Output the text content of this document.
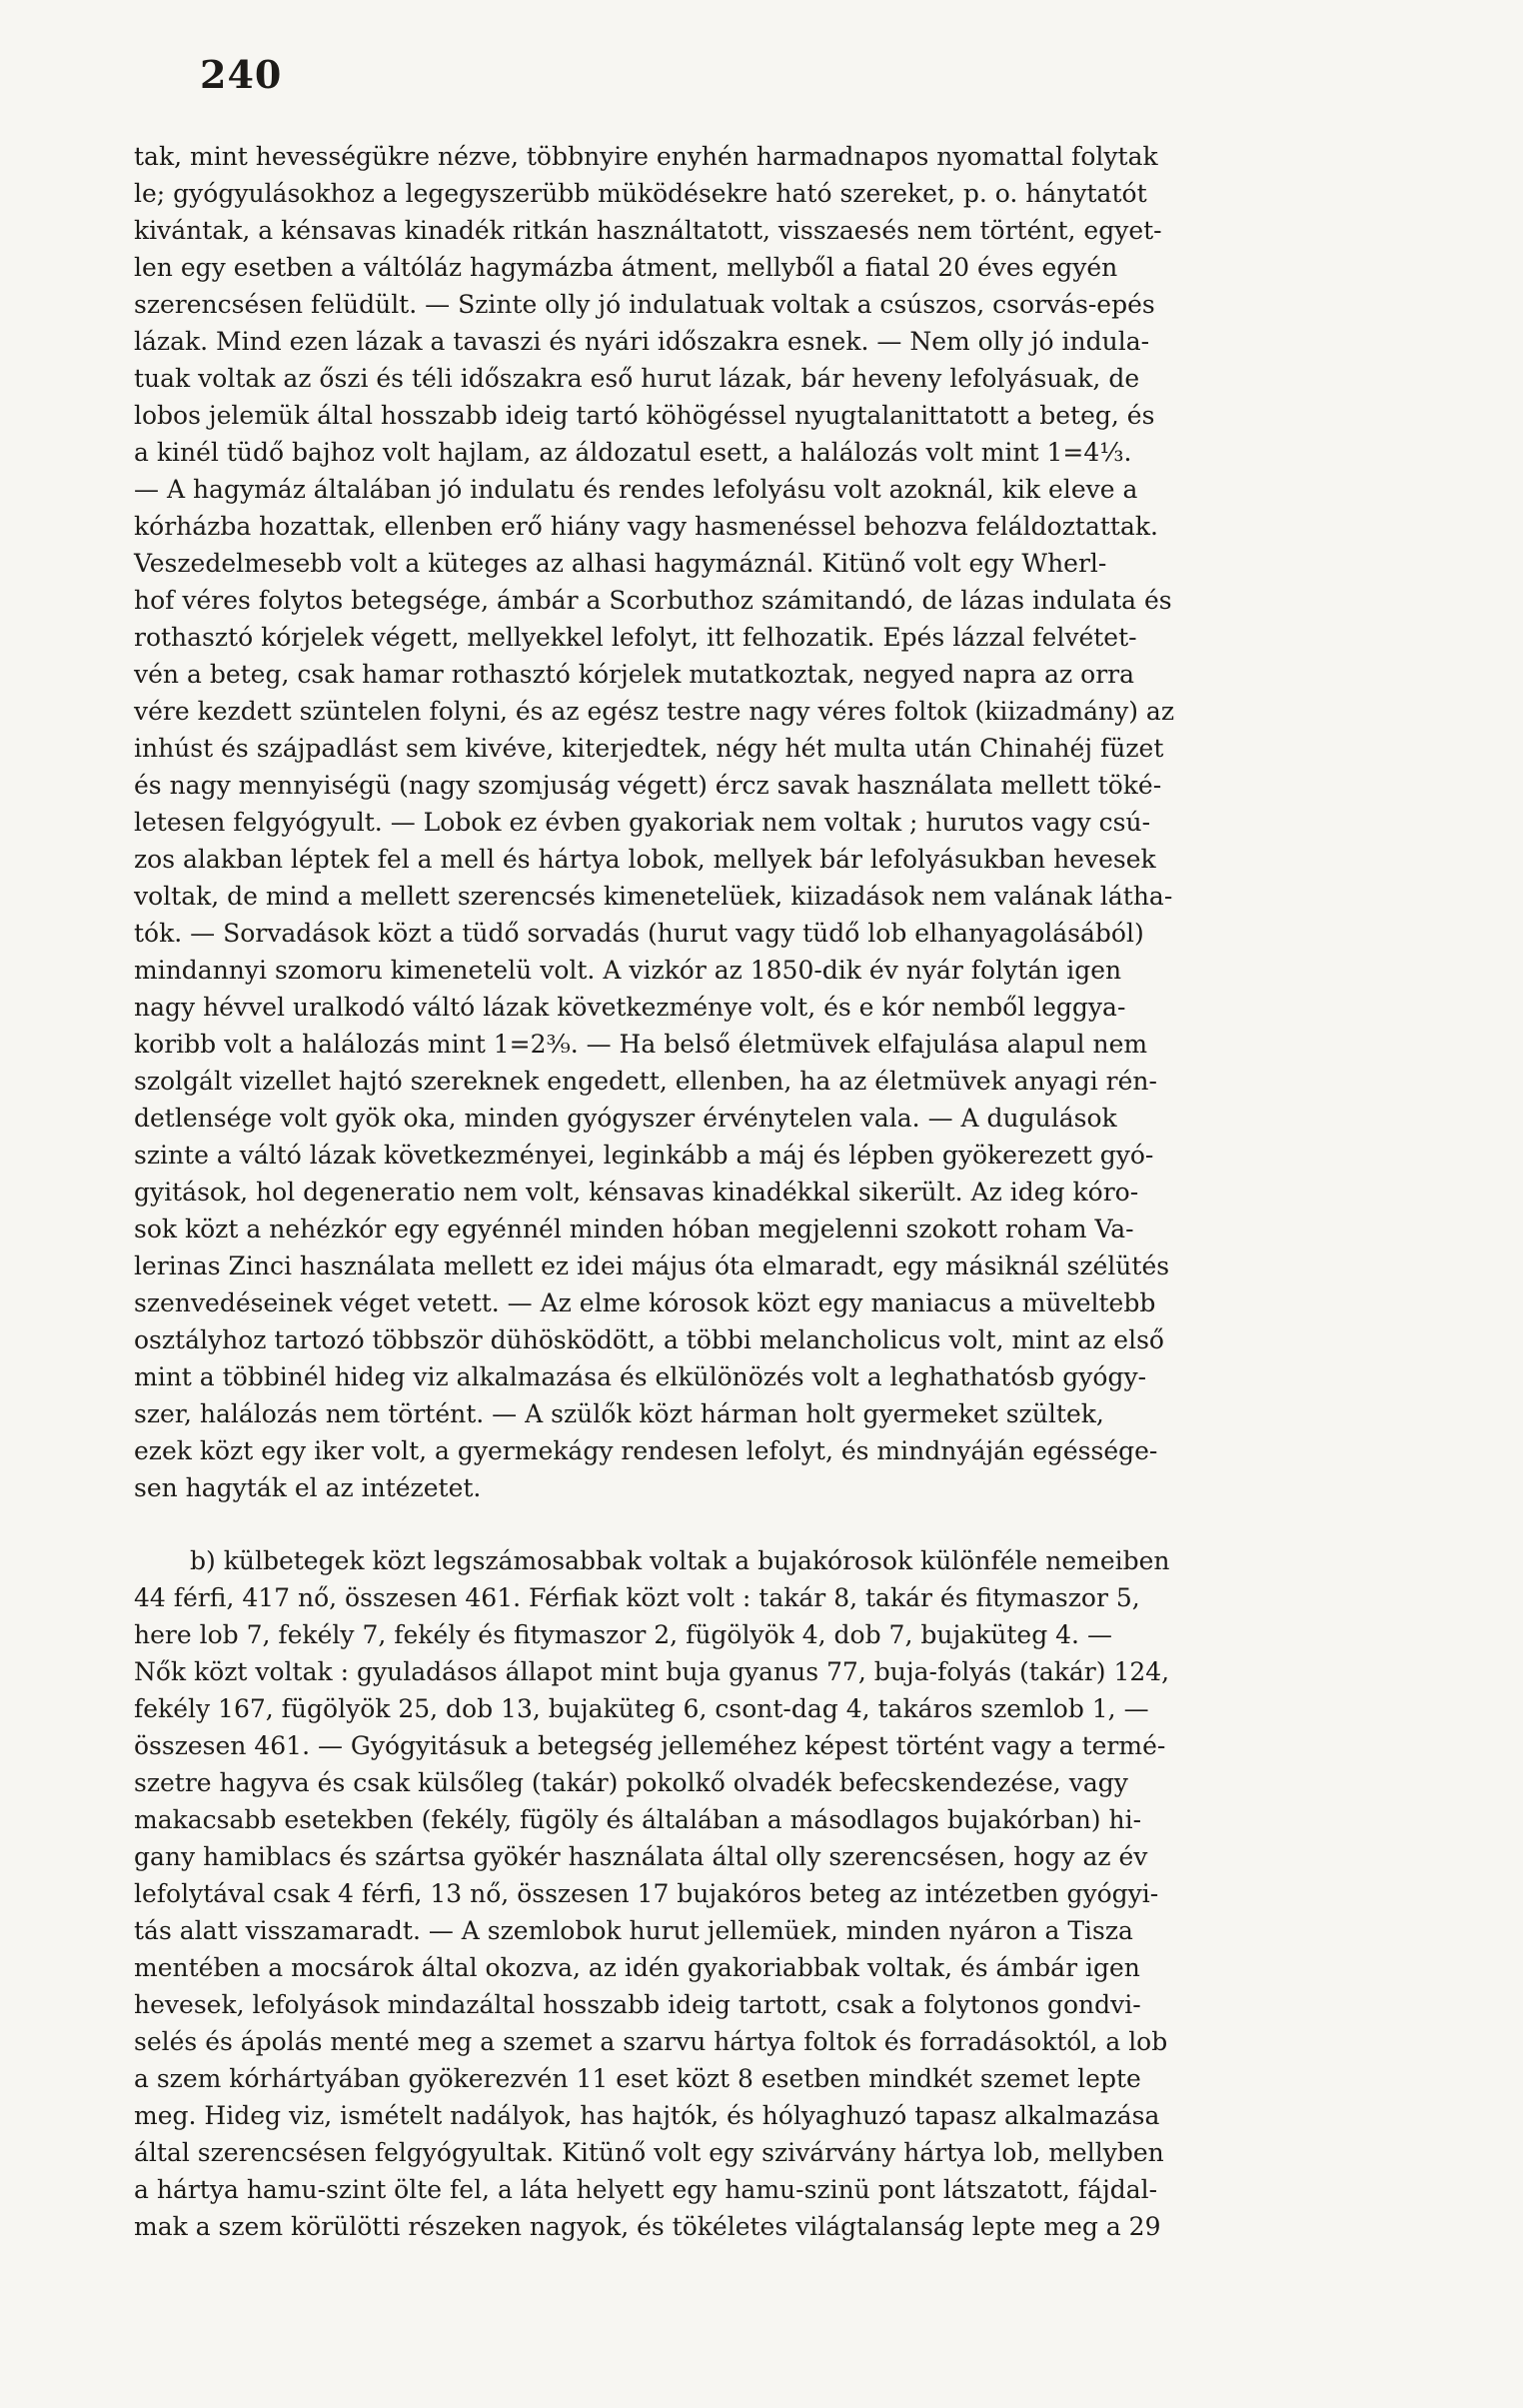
240
tak, mint hevességükre nézve, többnyire enyhén harmadnapos nyomattal folytak
le; gyógyulásokhoz a legegyszerübb müködésekre ható szereket, p. o. hánytatót
kivántak, a kénsavas kinadék ritkán használtatott, visszaesés nem történt, egyet-
len egy esetben a váltóláz hagymázba átment, mellyből a fiatal 20 éves egyén
szerencsésen felüdült. — Szinte olly jó indulatuak voltak a csúszos, csorvás-epés
lázak. Mind ezen lázak a tavaszi és nyári időszakra esnek. — Nem olly jó indula-
tuak voltak az őszi és téli időszakra eső hurut lázak, bár heveny lefolyásuak, de
lobos jelemük által hosszabb ideig tartó köhögéssel nyugtalanittatott a beteg, és
a kinél tüdő bajhoz volt hajlam, az áldozatul esett, a halálozás volt mint 1=4⅓.
— A hagymáz általában jó indulatu és rendes lefolyásu volt azoknál, kik eleve a
kórházba hozattak, ellenben erő hiány vagy hasmenéssel behozva feláldoztattak.
Veszedelmesebb volt a küteges az alhasi hagymáznál. Kitünő volt egy Wherl-
hof véres folytos betegsége, ámbár a Scorbuthoz számitandó, de lázas indulata és
rothasztó kórjelek végett, mellyekkel lefolyt, itt felhozatik. Epés lázzal felvétet-
vén a beteg, csak hamar rothasztó kórjelek mutatkoztak, negyed napra az orra
vére kezdett szüntelen folyni, és az egész testre nagy véres foltok (kiizadmány) az
inhúst és szájpadlást sem kivéve, kiterjedtek, négy hét multa után Chinahéj füzet
és nagy mennyiségü (nagy szomjuság végett) ércz savak használata mellett töké-
letesen felgyógyult. — Lobok ez évben gyakoriak nem voltak ; hurutos vagy csú-
zos alakban léptek fel a mell és hártya lobok, mellyek bár lefolyásukban hevesek
voltak, de mind a mellett szerencsés kimenetelüek, kiizadások nem valának látha-
tók. — Sorvadások közt a tüdő sorvadás (hurut vagy tüdő lob elhanyagolásából)
mindannyi szomoru kimenetelü volt. A vizkór az 1850-dik év nyár folytán igen
nagy hévvel uralkodó váltó lázak következménye volt, és e kór nemből leggya-
koribb volt a halálozás mint 1=2³⁄₉. — Ha belső életmüvek elfajulása alapul nem
szolgált vizellet hajtó szereknek engedett, ellenben, ha az életmüvek anyagi rén-
detlensége volt gyök oka, minden gyógyszer érvénytelen vala. — A dugulások
szinte a váltó lázak következményei, leginkább a máj és lépben gyökerezett gyó-
gyitások, hol degeneratio nem volt, kénsavas kinadékkal sikerült. Az ideg kóro-
sok közt a nehézkór egy egyénnél minden hóban megjelenni szokott roham Va-
lerinas Zinci használata mellett ez idei május óta elmaradt, egy másiknál szélütés
szenvedéseinek véget vetett. — Az elme kórosok közt egy maniacus a müveltebb
osztályhoz tartozó többször dühösködött, a többi melancholicus volt, mint az első
mint a többinél hideg viz alkalmazása és elkülönözés volt a leghathatósb gyógy-
szer, halálozás nem történt. — A szülők közt hárman holt gyermeket szültek,
ezek közt egy iker volt, a gyermekágy rendesen lefolyt, és mindnyáján egéssége-
sen hagyták el az intézetet.
b) külbetegek közt legszámosabbak voltak a bujakórosok különféle nemeiben
44 férfi, 417 nő, összesen 461. Férfiak közt volt : takár 8, takár és fitymaszor 5,
here lob 7, fekély 7, fekély és fitymaszor 2, fügölyök 4, dob 7, bujaküteg 4. —
Nők közt voltak : gyuladásos állapot mint buja gyanus 77, buja-folyás (takár) 124,
fekély 167, fügölyök 25, dob 13, bujaküteg 6, csont-dag 4, takáros szemlob 1, —
összesen 461. — Gyógyitásuk a betegség jelleméhez képest történt vagy a termé-
szetre hagyva és csak külsőleg (takár) pokolkő olvadék befecskendezése, vagy
makacsabb esetekben (fekély, fügöly és általában a másodlagos bujakórban) hi-
gany hamiblacs és szártsa gyökér használata által olly szerencsésen, hogy az év
lefolytával csak 4 férfi, 13 nő, összesen 17 bujakóros beteg az intézetben gyógyi-
tás alatt visszamaradt. — A szemlobok hurut jellemüek, minden nyáron a Tisza
mentében a mocsárok által okozva, az idén gyakoriabbak voltak, és ámbár igen
hevesek, lefolyások mindazáltal hosszabb ideig tartott, csak a folytonos gondvi-
selés és ápolás menté meg a szemet a szarvu hártya foltok és forradásoktól, a lob
a szem kórhártyában gyökerezvén 11 eset közt 8 esetben mindkét szemet lepte
meg. Hideg viz, ismételt nadályok, has hajtók, és hólyaghuzó tapasz alkalmazása
által szerencsésen felgyógyultak. Kitünő volt egy szivárvány hártya lob, mellyben
a hártya hamu-szint ölte fel, a láta helyett egy hamu-szinü pont látszatott, fájdal-
mak a szem körülötti részeken nagyok, és tökéletes világtalanság lepte meg a 29
